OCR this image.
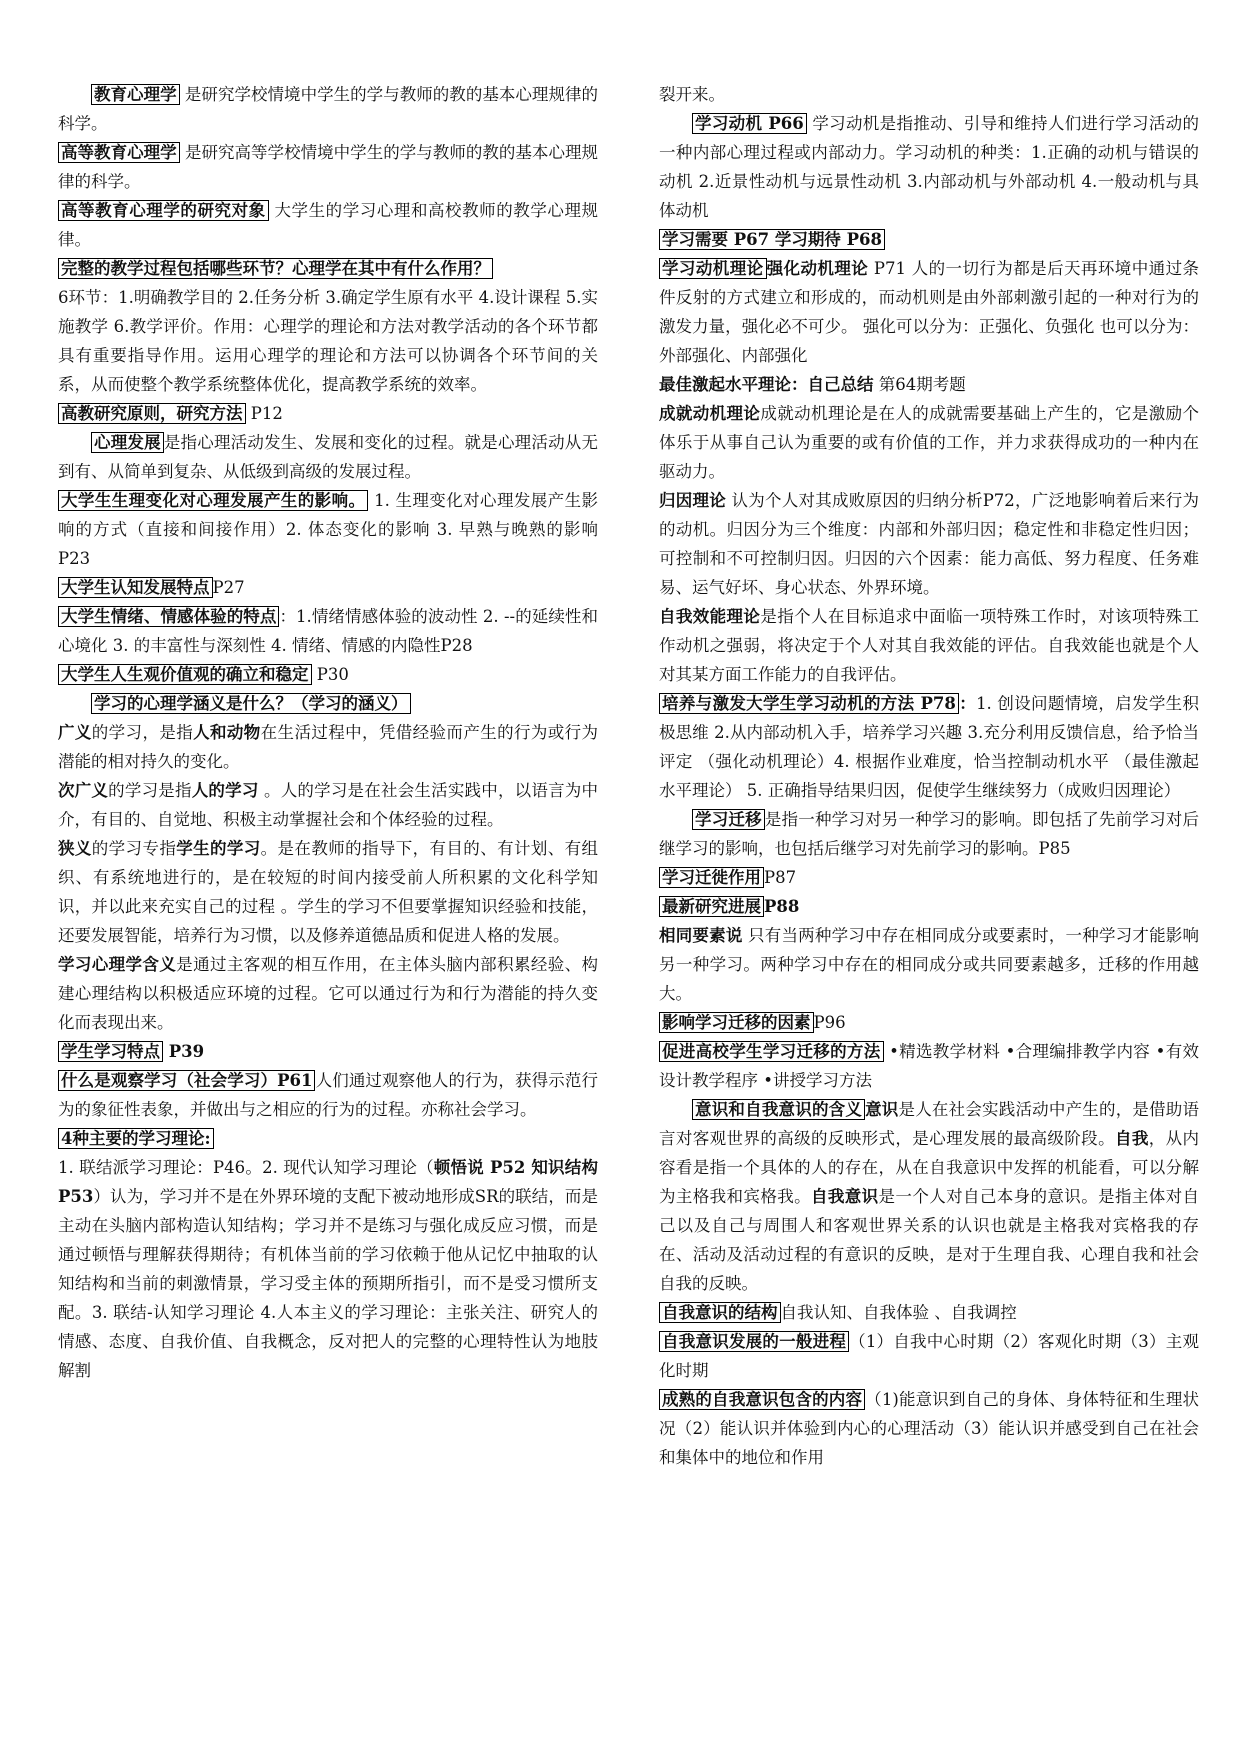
教育心理学 是研究学校情境中学生的学与教师的教的基本心理规律的科学。

高等教育心理学 是研究高等学校情境中学生的学与教师的教的基本心理规律的科学。

高等教育心理学的研究对象 大学生的学习心理和高校教师的教学心理规律。

完整的教学过程包括哪些环节？心理学在其中有什么作用？

6环节：1.明确教学目的 2.任务分析 3.确定学生原有水平 4.设计课程 5.实施教学 6.教学评价。作用：心理学的理论和方法对教学活动的各个环节都具有重要指导作用。运用心理学的理论和方法可以协调各个环节间的关系，从而使整个教学系统整体优化，提高教学系统的效率。

高教研究原则，研究方法 P12

心理发展 是指心理活动发生、发展和变化的过程。就是心理活动从无到有、从简单到复杂、从低级到高级的发展过程。

大学生生理变化对心理发展产生的影响。 1. 生理变化对心理发展产生影响的方式（直接和间接作用）2. 体态变化的影响 3. 早熟与晚熟的影响P23

大学生认知发展特点 P27

大学生情绪、情感体验的特点 ：1.情绪情感体验的波动性 2. --的延续性和心境化 3. 的丰富性与深刻性 4. 情绪、情感的内隐性P28

大学生人生观价值观的确立和稳定 P30

学习的心理学涵义是什么？（学习的涵义）

广义的学习，是指人和动物在生活过程中，凭借经验而产生的行为或行为潜能的相对持久的变化。

次广义的学习是指人的学习 。人的学习是在社会生活实践中，以语言为中介，有目的、自觉地、积极主动掌握社会和个体经验的过程。

狭义的学习专指学生的学习。是在教师的指导下，有目的、有计划、有组织、有系统地进行的，是在较短的时间内接受前人所积累的文化科学知识，并以此来充实自己的过程 。学生的学习不但要掌握知识经验和技能，还要发展智能，培养行为习惯，以及修养道德品质和促进人格的发展。

学习心理学含义是通过主客观的相互作用，在主体头脑内部积累经验、构建心理结构以积极适应环境的过程。它可以通过行为和行为潜能的持久变化而表现出来。

学生学习特点 P39

什么是观察学习（社会学习）P61 人们通过观察他人的行为，获得示范行为的象征性表象，并做出与之相应的行为的过程。亦称社会学习。

4种主要的学习理论:

1. 联结派学习理论：P46。2. 现代认知学习理论（顿悟说 P52 知识结构 P53）认为，学习并不是在外界环境的支配下被动地形成SR的联结，而是主动在头脑内部构造认知结构；学习并不是练习与强化成反应习惯，而是通过顿悟与理解获得期待；有机体当前的学习依赖于他从记忆中抽取的认知结构和当前的刺激情景，学习受主体的预期所指引，而不是受习惯所支配。3. 联结-认知学习理论 4.人本主义的学习理论：主张关注、研究人的情感、态度、自我价值、自我概念，反对把人的完整的心理特性认为地肢解割

裂开来。

学习动机 P66 学习动机是指推动、引导和维持人们进行学习活动的一种内部心理过程或内部动力。学习动机的种类：1.正确的动机与错误的动机 2.近景性动机与远景性动机 3.内部动机与外部动机 4.一般动机与具体动机

学习需要 P67 学习期待 P68

学习动机理论 强化动机理论 P71 人的一切行为都是后天再环境中通过条件反射的方式建立和形成的，而动机则是由外部刺激引起的一种对行为的激发力量，强化必不可少。 强化可以分为：正强化、负强化 也可以分为：外部强化、内部强化

最佳激起水平理论：自己总结 第64期考题

成就动机理论成就动机理论是在人的成就需要基础上产生的，它是激励个体乐于从事自己认为重要的或有价值的工作，并力求获得成功的一种内在驱动力。

归因理论 认为个人对其成败原因的归纳分析P72，广泛地影响着后来行为的动机。归因分为三个维度：内部和外部归因；稳定性和非稳定性归因；可控制和不可控制归因。归因的六个因素：能力高低、努力程度、任务难易、运气好坏、身心状态、外界环境。

自我效能理论是指个人在目标追求中面临一项特殊工作时，对该项特殊工作动机之强弱，将决定于个人对其自我效能的评估。自我效能也就是个人对其某方面工作能力的自我评估。

培养与激发大学生学习动机的方法 P78 ：1. 创设问题情境，启发学生积极思维 2.从内部动机入手，培养学习兴趣 3.充分利用反馈信息，给予恰当评定 （强化动机理论）4. 根据作业难度，恰当控制动机水平 （最佳激起水平理论） 5. 正确指导结果归因，促使学生继续努力（成败归因理论）

学习迁移 是指一种学习对另一种学习的影响。即包括了先前学习对后继学习的影响，也包括后继学习对先前学习的影响。P85

学习迁徙作用 P87

最新研究进展 P88

相同要素说 只有当两种学习中存在相同成分或要素时，一种学习才能影响另一种学习。两种学习中存在的相同成分或共同要素越多，迁移的作用越大。

影响学习迁移的因素 P96

促进高校学生学习迁移的方法 •精选教学材料 •合理编排教学内容 •有效设计教学程序 •讲授学习方法

意识和自我意识的含义 意识是人在社会实践活动中产生的，是借助语言对客观世界的高级的反映形式，是心理发展的最高级阶段。自我，从内容看是指一个具体的人的存在，从在自我意识中发挥的机能看，可以分解为主格我和宾格我。自我意识是一个人对自己本身的意识。是指主体对自己以及自己与周围人和客观世界关系的认识也就是主格我对宾格我的存在、活动及活动过程的有意识的反映，是对于生理自我、心理自我和社会自我的反映。

自我意识的结构 自我认知、自我体验 、自我调控

自我意识发展的一般进程 （1）自我中心时期（2）客观化时期（3）主观化时期

成熟的自我意识包含的内容 （1)能意识到自己的身体、身体特征和生理状况（2）能认识并体验到内心的心理活动（3）能认识并感受到自己在社会和集体中的地位和作用
